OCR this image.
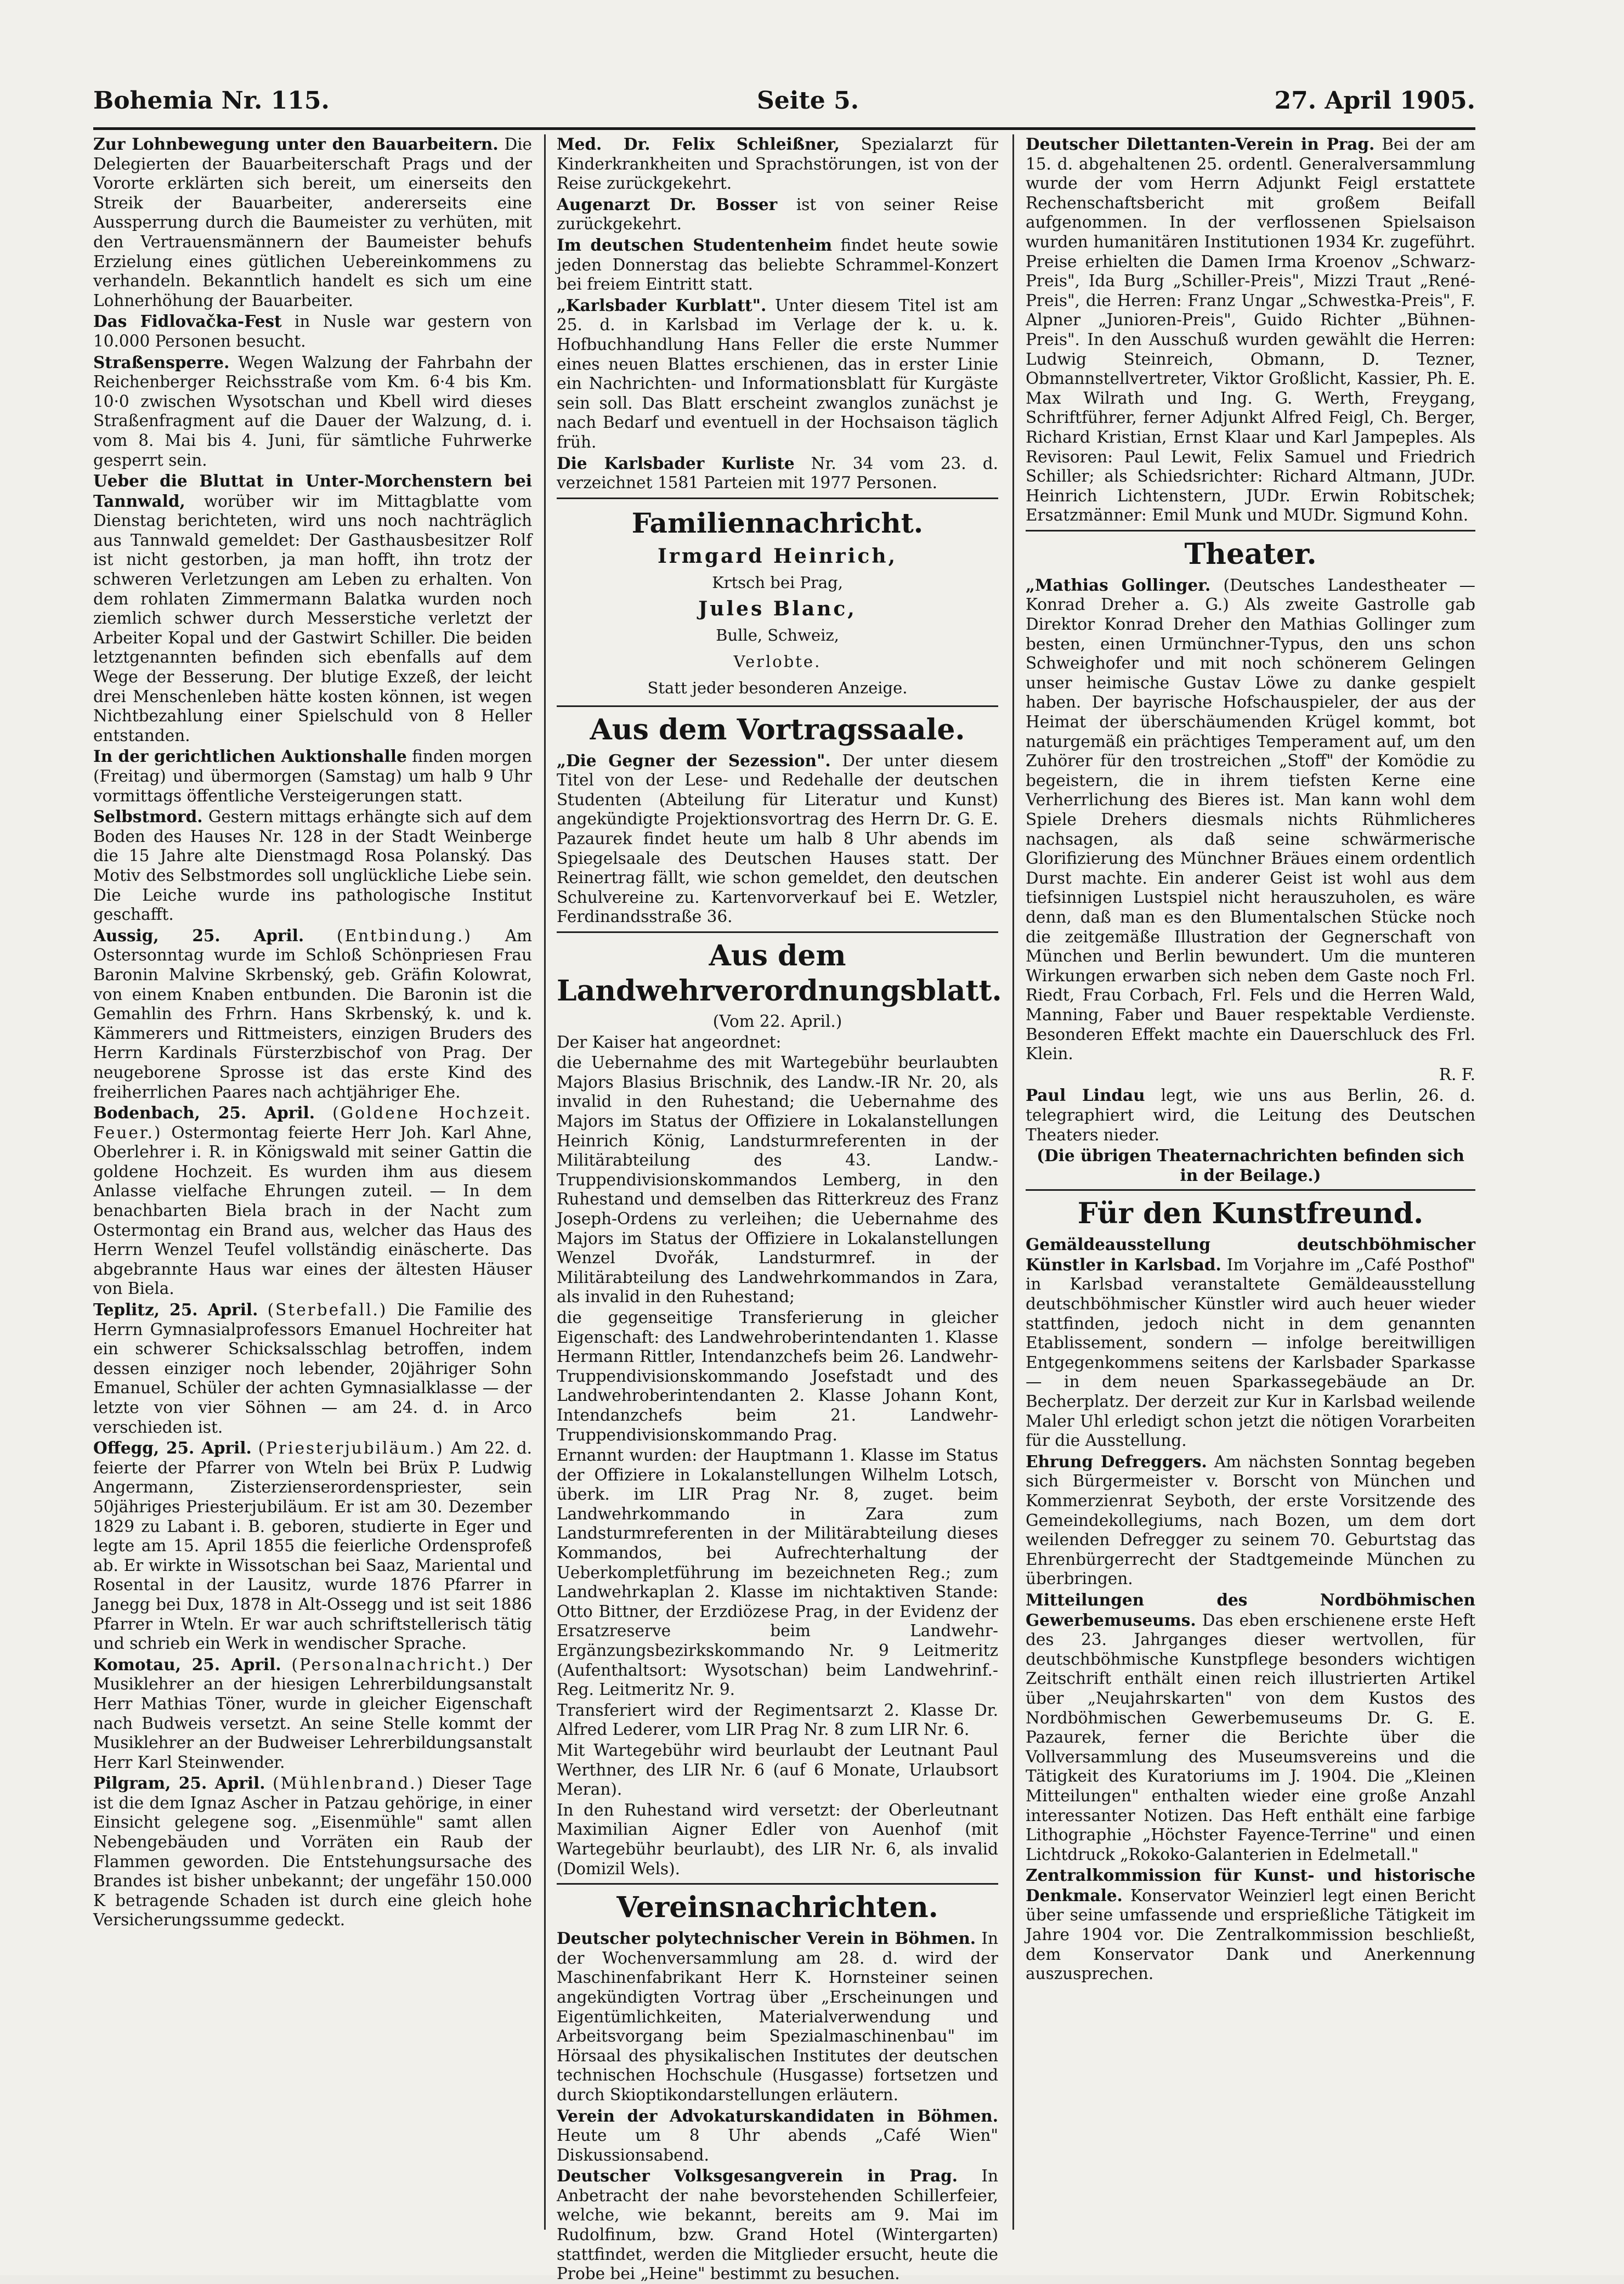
Bohemia Nr. 115.	Seite 5.	27. April 1905.

Zur Lohnbewegung unter den Bauarbeitern. Die Delegierten der Bauarbeiterschaft Prags und der Vororte erklärten sich bereit, um einerseits den Streik der Bauarbeiter, andererseits eine Aussperrung durch die Baumeister zu verhüten, mit den Vertrauensmännern der Baumeister behufs Erzielung eines gütlichen Uebereinkommens zu verhandeln. Bekanntlich handelt es sich um eine Lohnerhöhung der Bauarbeiter.

Das Fidlovačka-Fest in Nusle war gestern von 10.000 Personen besucht.

Straßensperre. Wegen Walzung der Fahrbahn der Reichenberger Reichsstraße vom Km. 6·4 bis Km. 10·0 zwischen Wysotschan und Kbell wird dieses Straßenfragment auf die Dauer der Walzung, d. i. vom 8. Mai bis 4. Juni, für sämtliche Fuhrwerke gesperrt sein.

Ueber die Bluttat in Unter-Morchenstern bei Tannwald, worüber wir im Mittagblatte vom Dienstag berichteten, wird uns noch nachträglich aus Tannwald gemeldet: Der Gasthausbesitzer Rolf ist nicht gestorben, ja man hofft, ihn trotz der schweren Verletzungen am Leben zu erhalten. Von dem rohlaten Zimmermann Balatka wurden noch ziemlich schwer durch Messerstiche verletzt der Arbeiter Kopal und der Gastwirt Schiller. Die beiden letztgenannten befinden sich ebenfalls auf dem Wege der Besserung. Der blutige Exzeß, der leicht drei Menschenleben hätte kosten können, ist wegen Nichtbezahlung einer Spielschuld von 8 Heller entstanden.

In der gerichtlichen Auktionshalle finden morgen (Freitag) und übermorgen (Samstag) um halb 9 Uhr vormittags öffentliche Versteigerungen statt.

Selbstmord. Gestern mittags erhängte sich auf dem Boden des Hauses Nr. 128 in der Stadt Weinberge die 15 Jahre alte Dienstmagd Rosa Polanský. Das Motiv des Selbstmordes soll unglückliche Liebe sein. Die Leiche wurde ins pathologische Institut geschafft.

Aussig, 25. April. (Entbindung.) Am Ostersonntag wurde im Schloß Schönpriesen Frau Baronin Malvine Skrbenský, geb. Gräfin Kolowrat, von einem Knaben entbunden. Die Baronin ist die Gemahlin des Frhrn. Hans Skrbenský, k. und k. Kämmerers und Rittmeisters, einzigen Bruders des Herrn Kardinals Fürsterzbischof von Prag. Der neugeborene Sprosse ist das erste Kind des freiherrlichen Paares nach achtjähriger Ehe.

Bodenbach, 25. April. (Goldene Hochzeit. Feuer.) Ostermontag feierte Herr Joh. Karl Ahne, Oberlehrer i. R. in Königswald mit seiner Gattin die goldene Hochzeit. Es wurden ihm aus diesem Anlasse vielfache Ehrungen zuteil. — In dem benachbarten Biela brach in der Nacht zum Ostermontag ein Brand aus, welcher das Haus des Herrn Wenzel Teufel vollständig einäscherte. Das abgebrannte Haus war eines der ältesten Häuser von Biela.

Teplitz, 25. April. (Sterbefall.) Die Familie des Herrn Gymnasialprofessors Emanuel Hochreiter hat ein schwerer Schicksalsschlag betroffen, indem dessen einziger noch lebender, 20jähriger Sohn Emanuel, Schüler der achten Gymnasialklasse — der letzte von vier Söhnen — am 24. d. in Arco verschieden ist.

Offegg, 25. April. (Priesterjubiläum.) Am 22. d. feierte der Pfarrer von Wteln bei Brüx P. Ludwig Angermann, Zisterzienserordenspriester, sein 50jähriges Priesterjubiläum. Er ist am 30. Dezember 1829 zu Labant i. B. geboren, studierte in Eger und legte am 15. April 1855 die feierliche Ordensprofeß ab. Er wirkte in Wissotschan bei Saaz, Mariental und Rosental in der Lausitz, wurde 1876 Pfarrer in Janegg bei Dux, 1878 in Alt-Ossegg und ist seit 1886 Pfarrer in Wteln. Er war auch schriftstellerisch tätig und schrieb ein Werk in wendischer Sprache.

Komotau, 25. April. (Personalnachricht.) Der Musiklehrer an der hiesigen Lehrerbildungsanstalt Herr Mathias Töner, wurde in gleicher Eigenschaft nach Budweis versetzt. An seine Stelle kommt der Musiklehrer an der Budweiser Lehrerbildungsanstalt Herr Karl Steinwender.

Pilgram, 25. April. (Mühlenbrand.) Dieser Tage ist die dem Ignaz Ascher in Patzau gehörige, in einer Einsicht gelegene sog. „Eisenmühle" samt allen Nebengebäuden und Vorräten ein Raub der Flammen geworden. Die Entstehungsursache des Brandes ist bisher unbekannt; der ungefähr 150.000 K betragende Schaden ist durch eine gleich hohe Versicherungssumme gedeckt.

Med. Dr. Felix Schleißner, Spezialarzt für Kinderkrankheiten und Sprachstörungen, ist von der Reise zurückgekehrt.

Augenarzt Dr. Bosser ist von seiner Reise zurückgekehrt.

Im deutschen Studentenheim findet heute sowie jeden Donnerstag das beliebte Schrammel-Konzert bei freiem Eintritt statt.

„Karlsbader Kurblatt". Unter diesem Titel ist am 25. d. in Karlsbad im Verlage der k. u. k. Hofbuchhandlung Hans Feller die erste Nummer eines neuen Blattes erschienen, das in erster Linie ein Nachrichten- und Informationsblatt für Kurgäste sein soll. Das Blatt erscheint zwanglos zunächst je nach Bedarf und eventuell in der Hochsaison täglich früh.

Die Karlsbader Kurliste Nr. 34 vom 23. d. verzeichnet 1581 Parteien mit 1977 Personen.

Familiennachricht.
Irmgard Heinrich,
Krtsch bei Prag,
Jules Blanc,
Bulle, Schweiz,
Verlobte.
Statt jeder besonderen Anzeige.
Aus dem Vortragssaale.

„Die Gegner der Sezession". Der unter diesem Titel von der Lese- und Redehalle der deutschen Studenten (Abteilung für Literatur und Kunst) angekündigte Projektionsvortrag des Herrn Dr. G. E. Pazaurek findet heute um halb 8 Uhr abends im Spiegelsaale des Deutschen Hauses statt. Der Reinertrag fällt, wie schon gemeldet, den deutschen Schulvereine zu. Kartenvorverkauf bei E. Wetzler, Ferdinandsstraße 36.

Aus dem Landwehrverordnungsblatt.

(Vom 22. April.)

Der Kaiser hat angeordnet:

die Uebernahme des mit Wartegebühr beurlaubten Majors Blasius Brischnik, des Landw.-IR Nr. 20, als invalid in den Ruhestand; die Uebernahme des Majors im Status der Offiziere in Lokalanstellungen Heinrich König, Landsturmreferenten in der Militärabteilung des 43. Landw.-Truppendivisionskommandos Lemberg, in den Ruhestand und demselben das Ritterkreuz des Franz Joseph-Ordens zu verleihen; die Uebernahme des Majors im Status der Offiziere in Lokalanstellungen Wenzel Dvořák, Landsturmref. in der Militärabteilung des Landwehrkommandos in Zara, als invalid in den Ruhestand;

die gegenseitige Transferierung in gleicher Eigenschaft: des Landwehroberintendanten 1. Klasse Hermann Rittler, Intendanzchefs beim 26. Landwehr-Truppendivisionskommando Josefstadt und des Landwehroberintendanten 2. Klasse Johann Kont, Intendanzchefs beim 21. Landwehr-Truppendivisionskommando Prag.

Ernannt wurden: der Hauptmann 1. Klasse im Status der Offiziere in Lokalanstellungen Wilhelm Lotsch, überk. im LIR Prag Nr. 8, zuget. beim Landwehrkommando in Zara zum Landsturmreferenten in der Militärabteilung dieses Kommandos, bei Aufrechterhaltung der Ueberkompletführung im bezeichneten Reg.; zum Landwehrkaplan 2. Klasse im nichtaktiven Stande: Otto Bittner, der Erzdiözese Prag, in der Evidenz der Ersatzreserve beim Landwehr-Ergänzungsbezirkskommando Nr. 9 Leitmeritz (Aufenthaltsort: Wysotschan) beim Landwehrinf.-Reg. Leitmeritz Nr. 9.

Transferiert wird der Regimentsarzt 2. Klasse Dr. Alfred Lederer, vom LIR Prag Nr. 8 zum LIR Nr. 6.

Mit Wartegebühr wird beurlaubt der Leutnant Paul Werthner, des LIR Nr. 6 (auf 6 Monate, Urlaubsort Meran).

In den Ruhestand wird versetzt: der Oberleutnant Maximilian Aigner Edler von Auenhof (mit Wartegebühr beurlaubt), des LIR Nr. 6, als invalid (Domizil Wels).

Vereinsnachrichten.

Deutscher polytechnischer Verein in Böhmen. In der Wochenversammlung am 28. d. wird der Maschinenfabrikant Herr K. Hornsteiner seinen angekündigten Vortrag über „Erscheinungen und Eigentümlichkeiten, Materialverwendung und Arbeitsvorgang beim Spezialmaschinenbau" im Hörsaal des physikalischen Institutes der deutschen technischen Hochschule (Husgasse) fortsetzen und durch Skioptikondarstellungen erläutern.

Verein der Advokaturskandidaten in Böhmen. Heute um 8 Uhr abends „Café Wien" Diskussionsabend.

Deutscher Volksgesangverein in Prag. In Anbetracht der nahe bevorstehenden Schillerfeier, welche, wie bekannt, bereits am 9. Mai im Rudolfinum, bzw. Grand Hotel (Wintergarten) stattfindet, werden die Mitglieder ersucht, heute die Probe bei „Heine" bestimmt zu besuchen.

Deutscher Dilettanten-Verein in Prag. Bei der am 15. d. abgehaltenen 25. ordentl. Generalversammlung wurde der vom Herrn Adjunkt Feigl erstattete Rechenschaftsbericht mit großem Beifall aufgenommen. In der verflossenen Spielsaison wurden humanitären Institutionen 1934 Kr. zugeführt. Preise erhielten die Damen Irma Kroenov „Schwarz-Preis", Ida Burg „Schiller-Preis", Mizzi Traut „René-Preis", die Herren: Franz Ungar „Schwestka-Preis", F. Alpner „Junioren-Preis", Guido Richter „Bühnen-Preis". In den Ausschuß wurden gewählt die Herren: Ludwig Steinreich, Obmann, D. Tezner, Obmannstellvertreter, Viktor Großlicht, Kassier, Ph. E. Max Wilrath und Ing. G. Werth, Freygang, Schriftführer, ferner Adjunkt Alfred Feigl, Ch. Berger, Richard Kristian, Ernst Klaar und Karl Jampeples. Als Revisoren: Paul Lewit, Felix Samuel und Friedrich Schiller; als Schiedsrichter: Richard Altmann, JUDr. Heinrich Lichtenstern, JUDr. Erwin Robitschek; Ersatzmänner: Emil Munk und MUDr. Sigmund Kohn.

Theater.

„Mathias Gollinger. (Deutsches Landestheater — Konrad Dreher a. G.) Als zweite Gastrolle gab Direktor Konrad Dreher den Mathias Gollinger zum besten, einen Urmünchner-Typus, den uns schon Schweighofer und mit noch schönerem Gelingen unser heimische Gustav Löwe zu danke gespielt haben. Der bayrische Hofschauspieler, der aus der Heimat der überschäumenden Krügel kommt, bot naturgemäß ein prächtiges Temperament auf, um den Zuhörer für den trostreichen „Stoff" der Komödie zu begeistern, die in ihrem tiefsten Kerne eine Verherrlichung des Bieres ist. Man kann wohl dem Spiele Drehers diesmals nichts Rühmlicheres nachsagen, als daß seine schwärmerische Glorifizierung des Münchner Bräues einem ordentlich Durst machte. Ein anderer Geist ist wohl aus dem tiefsinnigen Lustspiel nicht herauszuholen, es wäre denn, daß man es den Blumentalschen Stücke noch die zeitgemäße Illustration der Gegnerschaft von München und Berlin bewundert. Um die munteren Wirkungen erwarben sich neben dem Gaste noch Frl. Riedt, Frau Corbach, Frl. Fels und die Herren Wald, Manning, Faber und Bauer respektable Verdienste. Besonderen Effekt machte ein Dauerschluck des Frl. Klein.

R. F.

Paul Lindau legt, wie uns aus Berlin, 26. d. telegraphiert wird, die Leitung des Deutschen Theaters nieder.

(Die übrigen Theaternachrichten befinden sich in der Beilage.)

Für den Kunstfreund.

Gemäldeausstellung deutschböhmischer Künstler in Karlsbad. Im Vorjahre im „Café Posthof" in Karlsbad veranstaltete Gemäldeausstellung deutschböhmischer Künstler wird auch heuer wieder stattfinden, jedoch nicht in dem genannten Etablissement, sondern — infolge bereitwilligen Entgegenkommens seitens der Karlsbader Sparkasse — in dem neuen Sparkassegebäude an Dr. Becherplatz. Der derzeit zur Kur in Karlsbad weilende Maler Uhl erledigt schon jetzt die nötigen Vorarbeiten für die Ausstellung.

Ehrung Defreggers. Am nächsten Sonntag begeben sich Bürgermeister v. Borscht von München und Kommerzienrat Seyboth, der erste Vorsitzende des Gemeindekollegiums, nach Bozen, um dem dort weilenden Defregger zu seinem 70. Geburtstag das Ehrenbürgerrecht der Stadtgemeinde München zu überbringen.

Mitteilungen des Nordböhmischen Gewerbemuseums. Das eben erschienene erste Heft des 23. Jahrganges dieser wertvollen, für deutschböhmische Kunstpflege besonders wichtigen Zeitschrift enthält einen reich illustrierten Artikel über „Neujahrskarten" von dem Kustos des Nordböhmischen Gewerbemuseums Dr. G. E. Pazaurek, ferner die Berichte über die Vollversammlung des Museumsvereins und die Tätigkeit des Kuratoriums im J. 1904. Die „Kleinen Mitteilungen" enthalten wieder eine große Anzahl interessanter Notizen. Das Heft enthält eine farbige Lithographie „Höchster Fayence-Terrine" und einen Lichtdruck „Rokoko-Galanterien in Edelmetall."

Zentralkommission für Kunst- und historische Denkmale. Konservator Weinzierl legt einen Bericht über seine umfassende und ersprießliche Tätigkeit im Jahre 1904 vor. Die Zentralkommission beschließt, dem Konservator Dank und Anerkennung auszusprechen.
